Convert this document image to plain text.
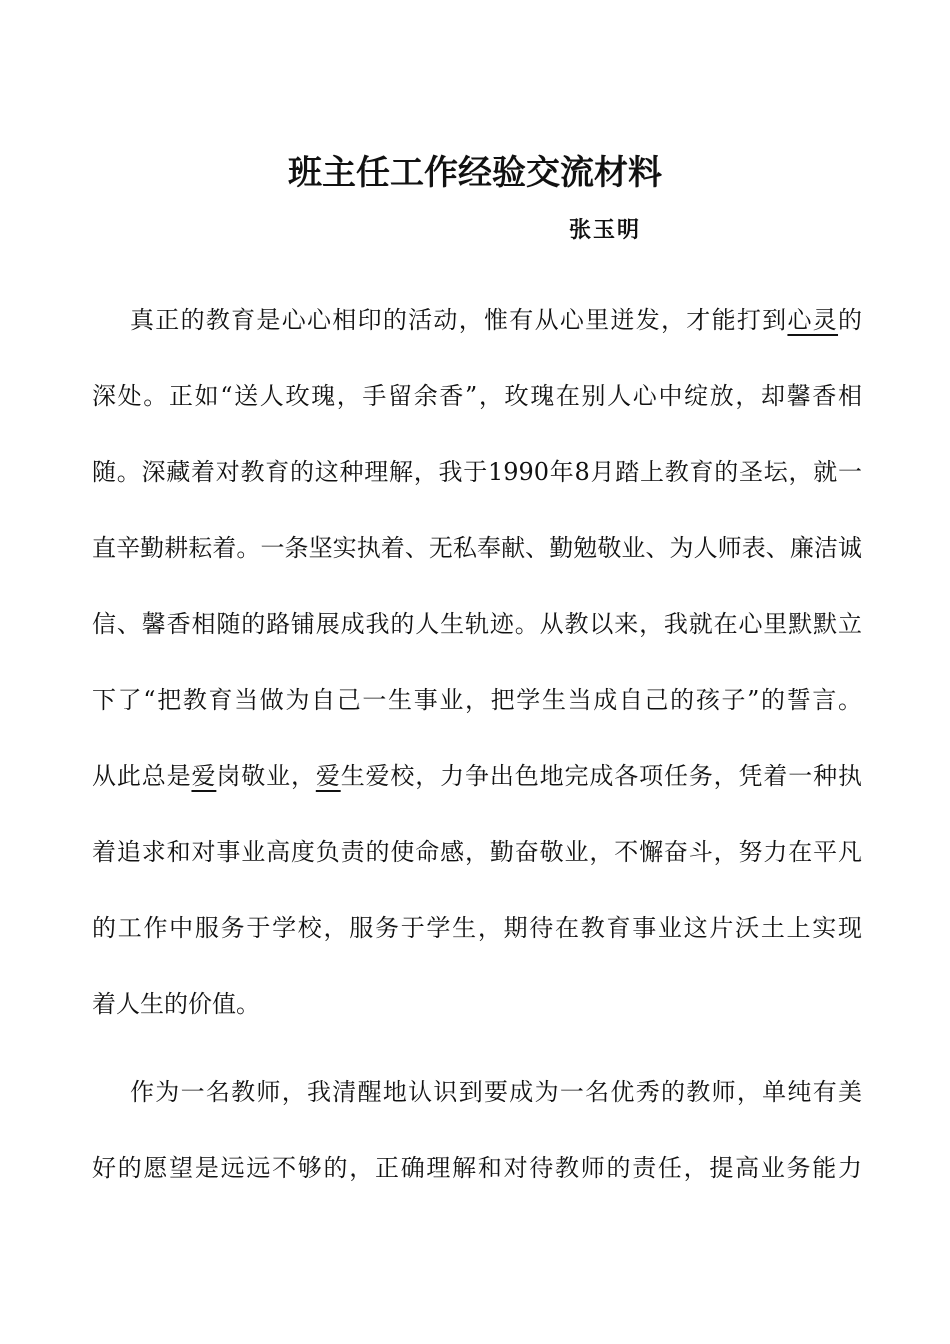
班主任工作经验交流材料
张玉明
真正的教育是心心相印的活动，惟有从心里迸发，才能打到心灵的
深处。正如“送人玫瑰，手留余香”，玫瑰在别人心中绽放，却馨香相
随。深藏着对教育的这种理解，我于1990年8月踏上教育的圣坛，就一
直辛勤耕耘着。一条坚实执着、无私奉献、勤勉敬业、为人师表、廉洁诚
信、馨香相随的路铺展成我的人生轨迹。从教以来，我就在心里默默立
下了“把教育当做为自己一生事业，把学生当成自己的孩子”的誓言。
从此总是爱岗敬业，爱生爱校，力争出色地完成各项任务，凭着一种执
着追求和对事业高度负责的使命感，勤奋敬业，不懈奋斗，努力在平凡
的工作中服务于学校，服务于学生，期待在教育事业这片沃土上实现
着人生的价值。
作为一名教师，我清醒地认识到要成为一名优秀的教师，单纯有美
好的愿望是远远不够的，正确理解和对待教师的责任，提高业务能力
